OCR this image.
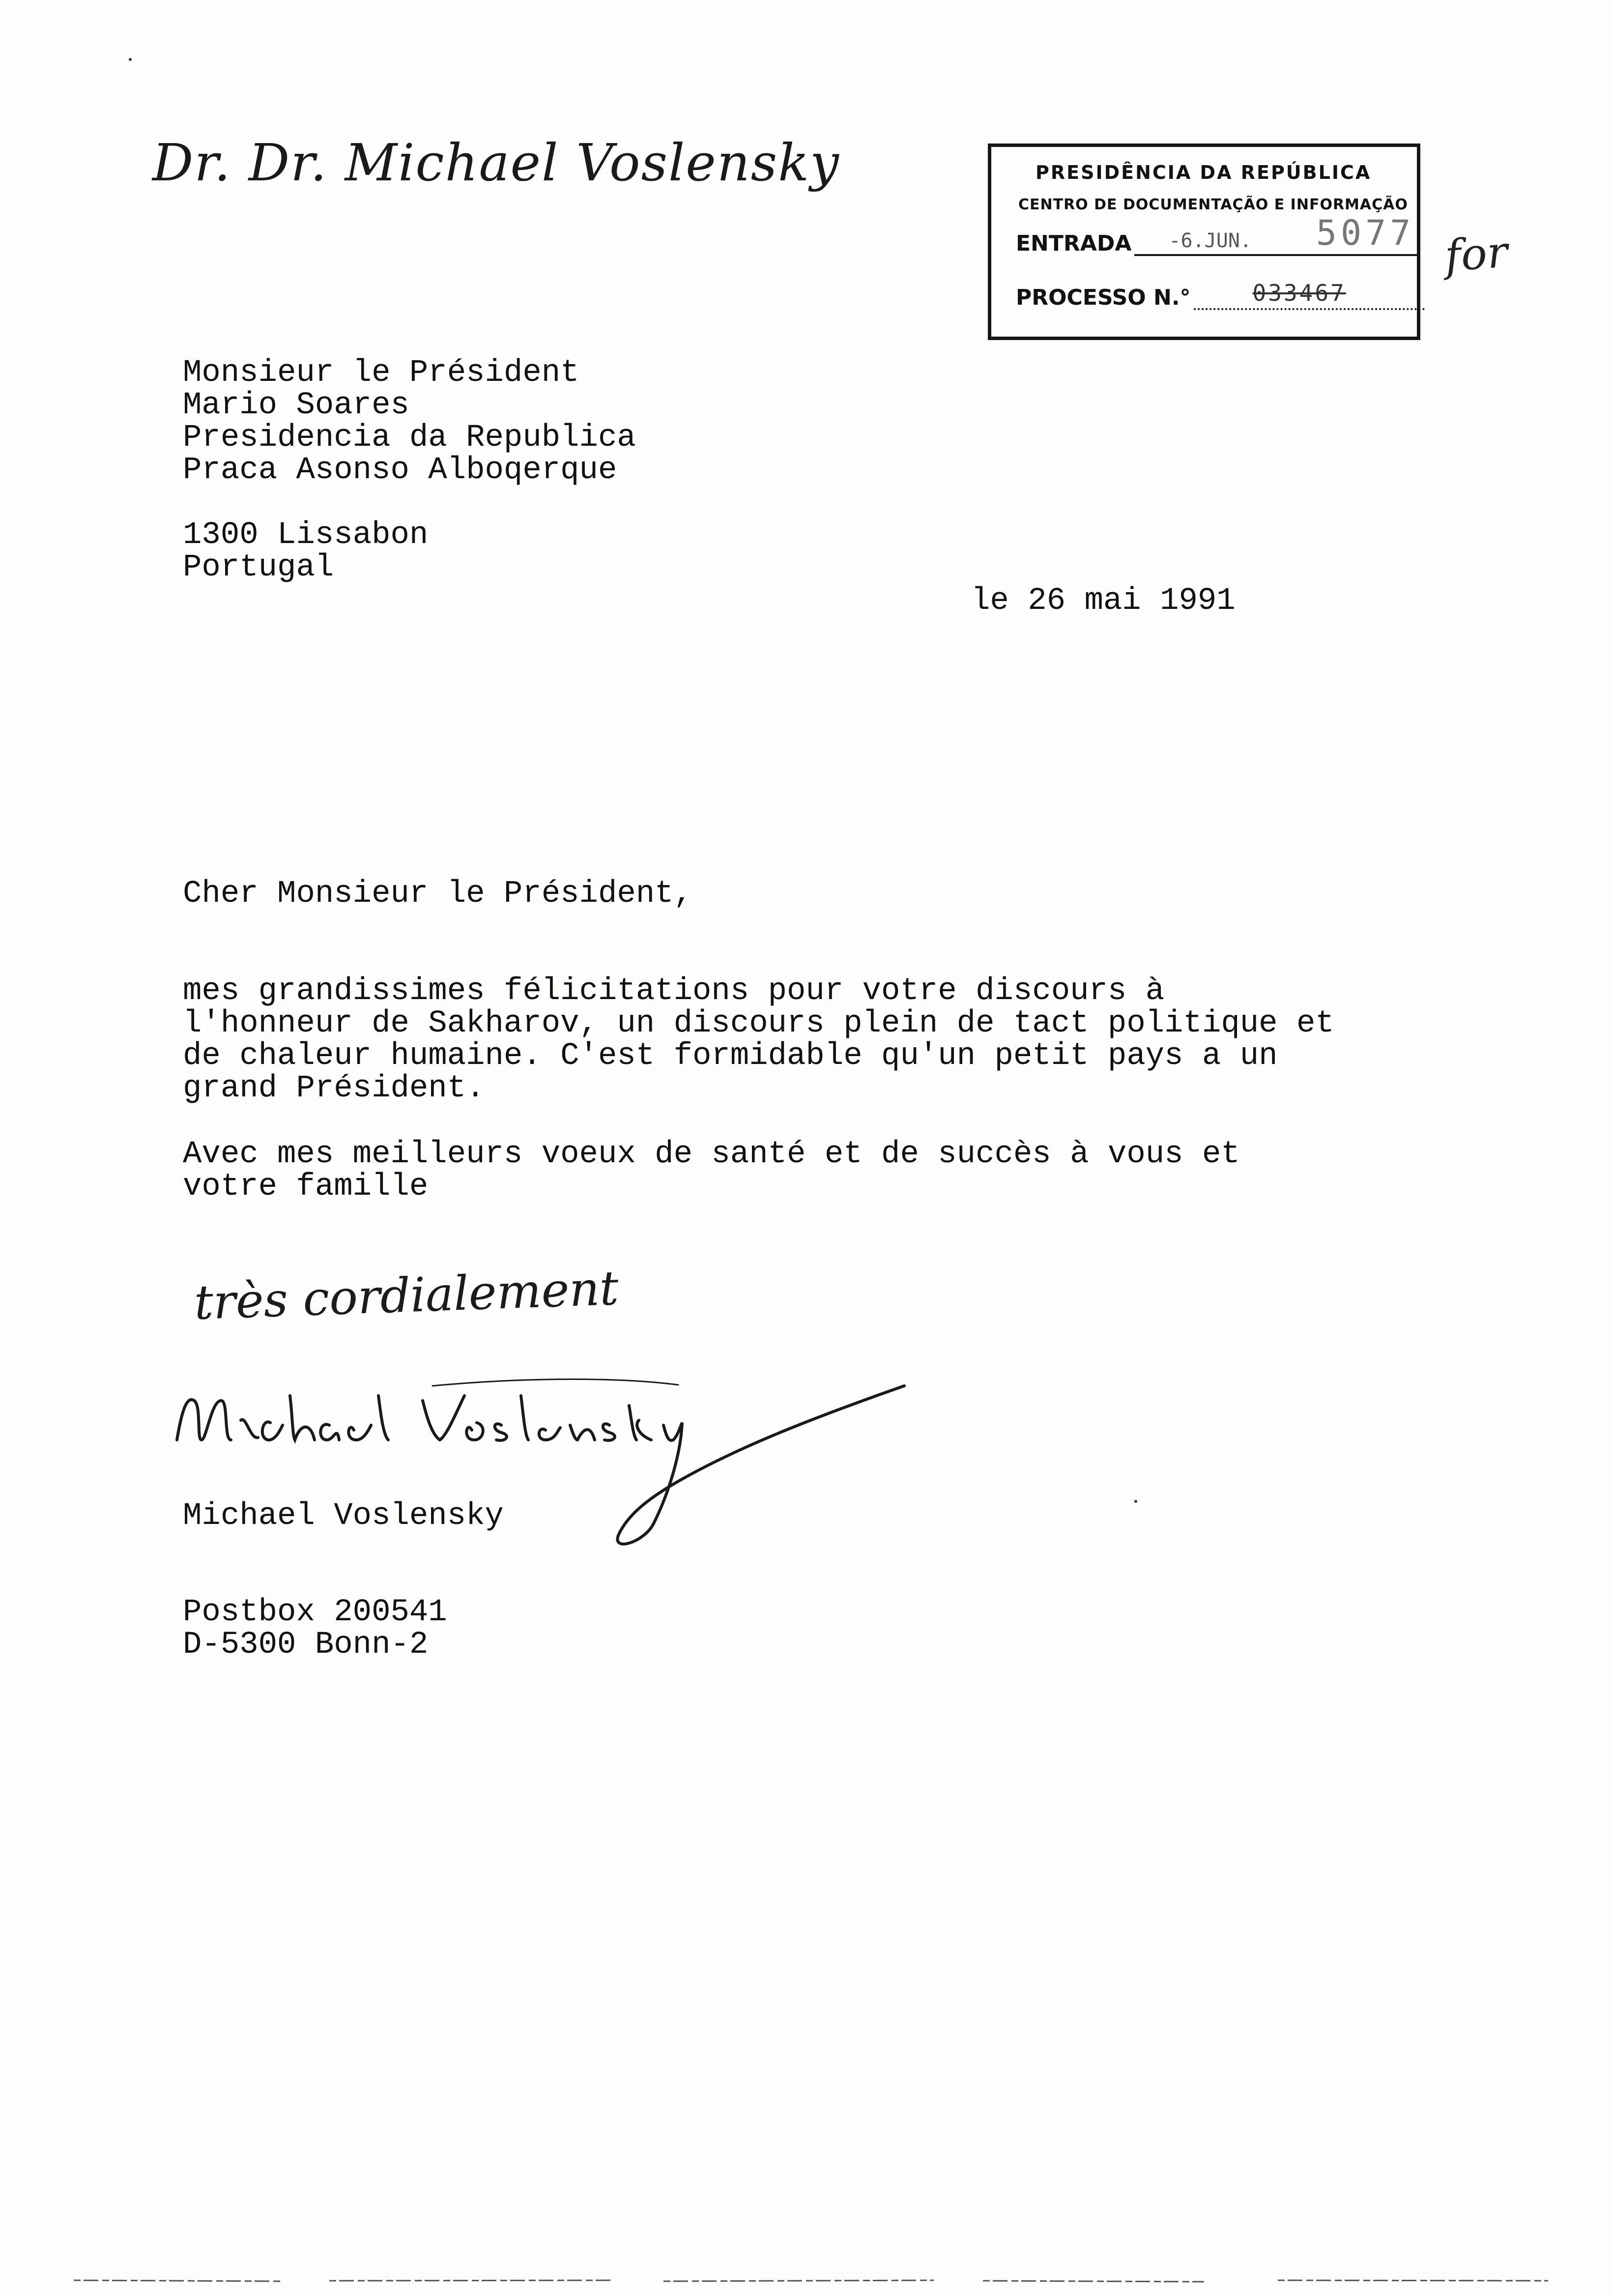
Dr. Dr. Michael Voslensky	PRESIDÊNCIA DA REPÚBLICA
CENTRO DE DOCUMENTAÇÃO E INFORMAÇÃO
ENTRADA -6.JUN. 5077
PROCESSO N.°	033467
for
Monsieur le Président
Mario Soares
Presidencia da Republica
Praca Asonso Alboqerque
1300 Lissabon
Portugal
le 26 mai 1991
Cher Monsieur le Président,
mes grandissimes félicitations pour votre discours à
l'honneur de Sakharov, un discours plein de tact politique et
de chaleur humaine. C'est formidable qu'un petit pays a un
grand Président.
Avec mes meilleurs voeux de santé et de succès à vous et
votre famille
très cordialement
Michael Voslensky
Postbox 200541
D-5300 Bonn-2
